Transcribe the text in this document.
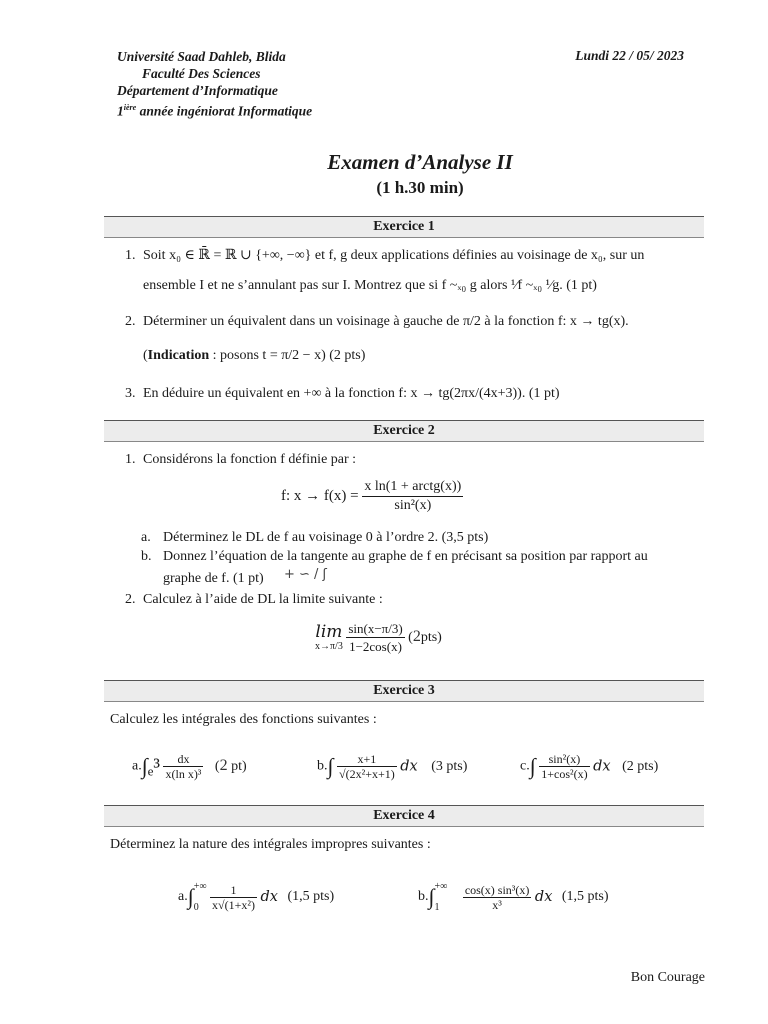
Université Saad Dahleb, Blida
Faculté Des Sciences
Département d’Informatique
$1^{ière}$ année ingéniorat Informatique
Lundi 22 / 05/ 2023
Examen d’Analyse II
(1 h.30 min)
Exercice 1
1. Soit x₀ ∈ ℝ̄ = ℝ ∪ {+∞, −∞} et f, g deux applications définies au voisinage de x₀, sur un
ensemble I et ne s’annulant pas sur I. Montrez que si f ~ₓ₀ g alors ¹⁄f ~ₓ₀ ¹⁄g. (1 pt)
2. Déterminer un équivalent dans un voisinage à gauche de π/2 à la fonction f: x → tg(x).
(Indication : posons t = π/2 − x) (2 pts)
3. En déduire un équivalent en +∞ à la fonction f: x → tg(2πx/(4x+3)). (1 pt)
Exercice 2
1. Considérons la fonction f définie par :
f: $x \to f(x) = \frac{\text{x ln(1 + arctg(x))}}{\text{sin²(x)}}$
a. Déterminez le DL de f au voisinage 0 à l’ordre 2. (3,5 pts)
b. Donnez l’équation de la tangente au graphe de f en précisant sa position par rapport au
graphe de f. (1 pt) + ∽ / ʃ
2. Calculez à l’aide de DL la limite suivante :
lim
x→π/3
$\frac{\sin(x-\pi/3)}{1-2\cos(x)} (2pts)$
Exercice 3
Calculez les intégrales des fonctions suivantes :
$a.\int_e^3 \frac{dx}{\text{x(ln x)³}} (2$ pt)	$b.\int \frac{x+1}{\text{√(2x²+x+1)}}$ dx (3 pts)	$c.\int \frac{\text{sin²(x)}}{\text{1+cos²(x)}}$ dx (2 pts)
Exercice 4
Déterminez la nature des intégrales impropres suivantes :
a.∫ +∞
0
$\frac{1}{\text{x√(1+x²)}}$ dx (1,5 pts)	b.∫ +∞
1
	$\frac{\text{cos(x) sin³(x)}}{\text{x³}}$ dx (1,5 pts)
Bon Courage
